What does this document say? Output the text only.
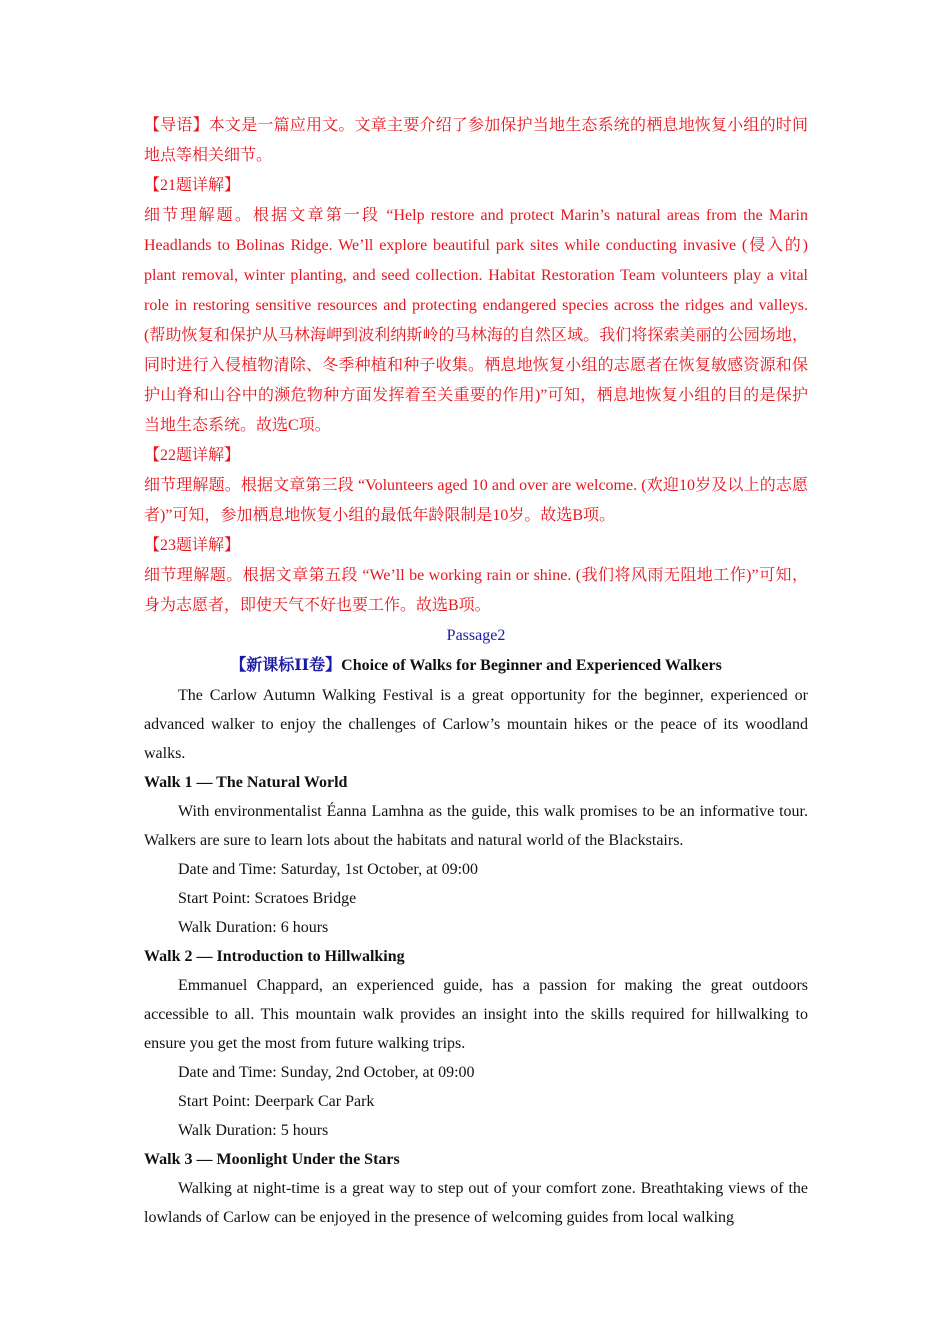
【导语】本文是一篇应用文。文章主要介绍了参加保护当地生态系统的栖息地恢复小组的时间地点等相关细节。

【21题详解】

细节理解题。根据文章第一段 “Help restore and protect Marin’s natural areas from the Marin Headlands to Bolinas Ridge. We’ll explore beautiful park sites while conducting invasive (侵入的) plant removal, winter planting, and seed collection. Habitat Restoration Team volunteers play a vital role in restoring sensitive resources and protecting endangered species across the ridges and valleys. (帮助恢复和保护从马林海岬到波利纳斯岭的马林海的自然区域。我们将探索美丽的公园场地，同时进行入侵植物清除、冬季种植和种子收集。栖息地恢复小组的志愿者在恢复敏感资源和保护山脊和山谷中的濒危物种方面发挥着至关重要的作用)”可知，栖息地恢复小组的目的是保护当地生态系统。故选C项。

【22题详解】

细节理解题。根据文章第三段 “Volunteers aged 10 and over are welcome. (欢迎10岁及以上的志愿者)”可知，参加栖息地恢复小组的最低年龄限制是10岁。故选B项。

【23题详解】

细节理解题。根据文章第五段 “We’ll be working rain or shine. (我们将风雨无阻地工作)”可知，身为志愿者，即使天气不好也要工作。故选B项。

Passage2

【新课标ⅠⅠ卷】Choice of Walks for Beginner and Experienced Walkers

The Carlow Autumn Walking Festival is a great opportunity for the beginner, experienced or advanced walker to enjoy the challenges of Carlow’s mountain hikes or the peace of its woodland walks.

Walk 1 — The Natural World

With environmentalist Éanna Lamhna as the guide, this walk promises to be an informative tour. Walkers are sure to learn lots about the habitats and natural world of the Blackstairs.

Date and Time: Saturday, 1st October, at 09:00

Start Point: Scratoes Bridge

Walk Duration: 6 hours

Walk 2 — Introduction to Hillwalking

Emmanuel Chappard, an experienced guide, has a passion for making the great outdoors accessible to all. This mountain walk provides an insight into the skills required for hillwalking to ensure you get the most from future walking trips.

Date and Time: Sunday, 2nd October, at 09:00

Start Point: Deerpark Car Park

Walk Duration: 5 hours

Walk 3 — Moonlight Under the Stars

Walking at night-time is a great way to step out of your comfort zone. Breathtaking views of the lowlands of Carlow can be enjoyed in the presence of welcoming guides from local walking
